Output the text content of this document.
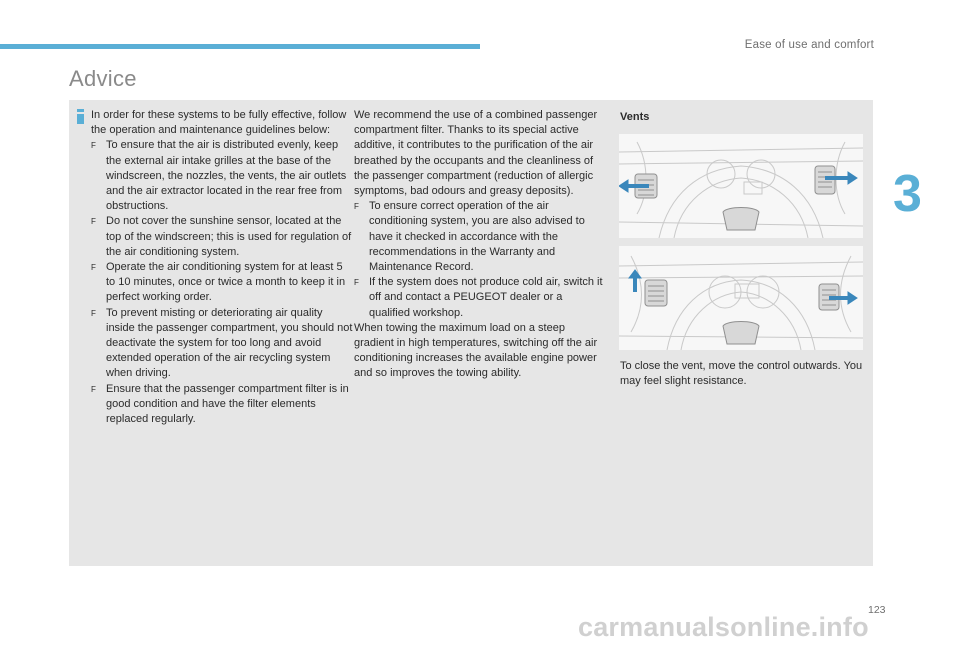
Ease of use and comfort
Advice
3

In order for these systems to be fully effective, follow the operation and maintenance guidelines below:

F To ensure that the air is distributed evenly, keep the external air intake grilles at the base of the windscreen, the nozzles, the vents, the air outlets and the air extractor located in the rear free from obstructions.

F Do not cover the sunshine sensor, located at the top of the windscreen; this is used for regulation of the air conditioning system.

F Operate the air conditioning system for at least 5 to 10 minutes, once or twice a month to keep it in perfect working order.

F To prevent misting or deteriorating air quality inside the passenger compartment, you should not deactivate the system for too long and avoid extended operation of the air recycling system when driving.

F Ensure that the passenger compartment filter is in good condition and have the filter elements replaced regularly.

We recommend the use of a combined passenger compartment filter. Thanks to its special active additive, it contributes to the purification of the air breathed by the occupants and the cleanliness of the passenger compartment (reduction of allergic symptoms, bad odours and greasy deposits).

F To ensure correct operation of the air conditioning system, you are also advised to have it checked in accordance with the recommendations in the Warranty and Maintenance Record.

F If the system does not produce cold air, switch it off and contact a PEUGEOT dealer or a qualified workshop.

When towing the maximum load on a steep gradient in high temperatures, switching off the air conditioning increases the available engine power and so improves the towing ability.

Vents

To close the vent, move the control outwards. You may feel slight resistance.
123
carmanualsonline.info
